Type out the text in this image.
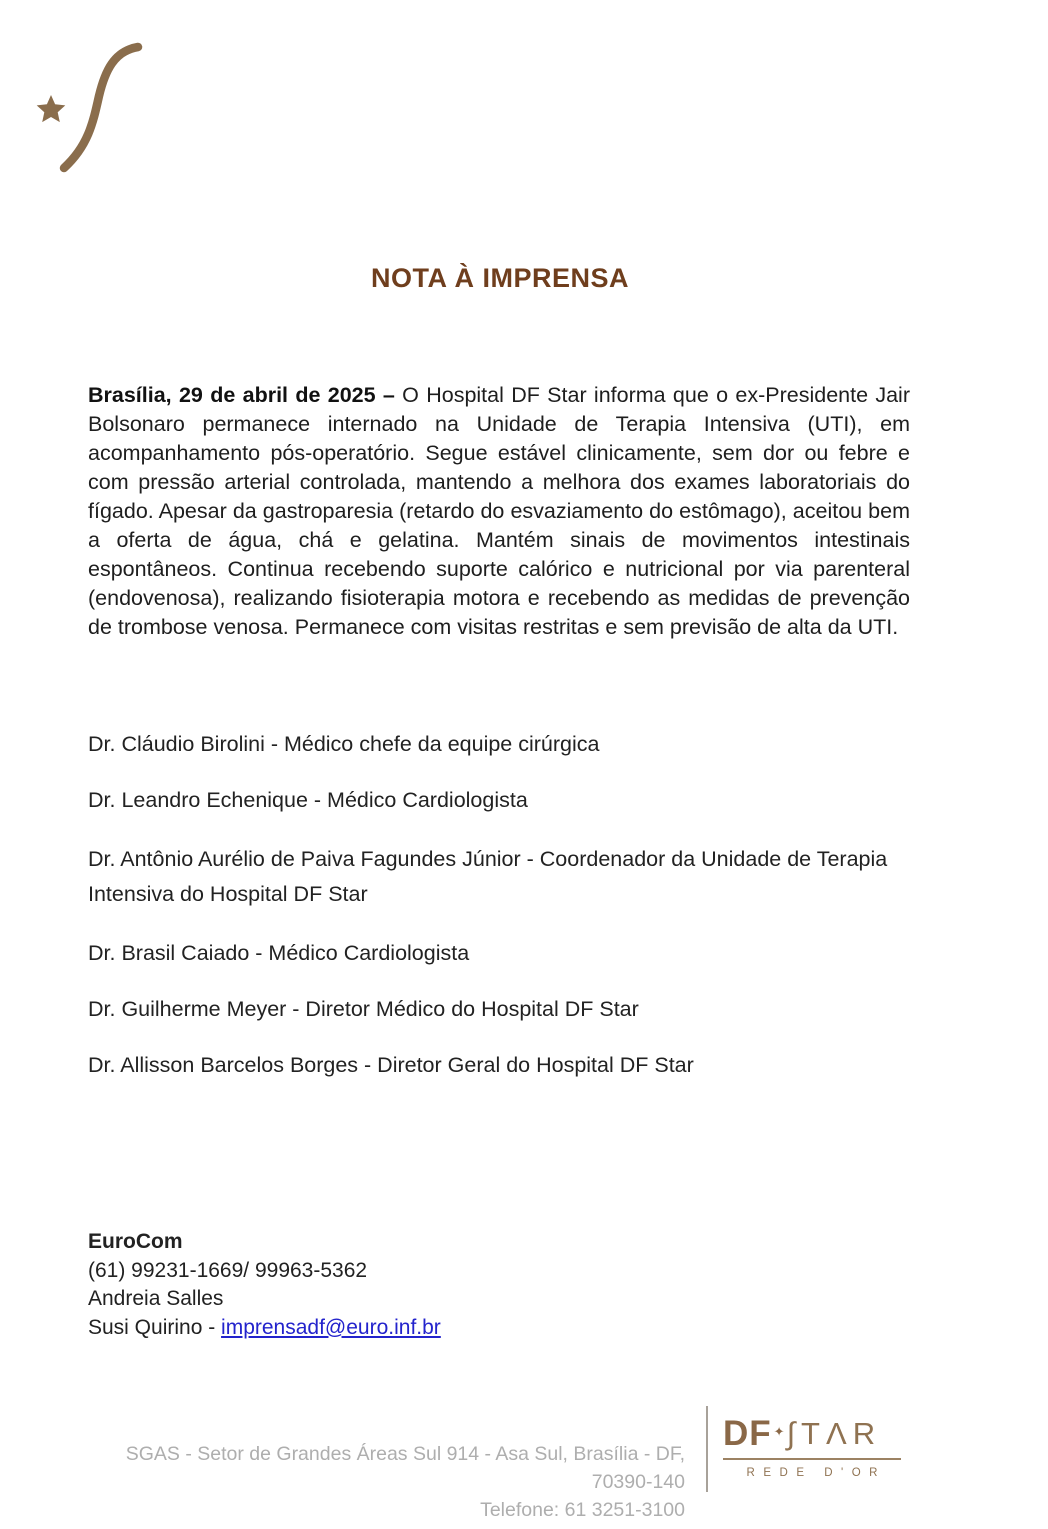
NOTA À IMPRENSA

Brasília, 29 de abril de 2025 – O Hospital DF Star informa que o ex-Presidente Jair Bolsonaro permanece internado na Unidade de Terapia Intensiva (UTI), em acompanhamento pós-operatório. Segue estável clinicamente, sem dor ou febre e com pressão arterial controlada, mantendo a melhora dos exames laboratoriais do fígado. Apesar da gastroparesia (retardo do esvaziamento do estômago), aceitou bem a oferta de água, chá e gelatina. Mantém sinais de movimentos intestinais espontâneos. Continua recebendo suporte calórico e nutricional por via parenteral (endovenosa), realizando fisioterapia motora e recebendo as medidas de prevenção de trombose venosa. Permanece com visitas restritas e sem previsão de alta da UTI.

Dr. Cláudio Birolini - Médico chefe da equipe cirúrgica
Dr. Leandro Echenique - Médico Cardiologista
Dr. Antônio Aurélio de Paiva Fagundes Júnior - Coordenador da Unidade de Terapia Intensiva do Hospital DF Star
Dr. Brasil Caiado - Médico Cardiologista
Dr. Guilherme Meyer - Diretor Médico do Hospital DF Star
Dr. Allisson Barcelos Borges - Diretor Geral do Hospital DF Star
EuroCom
(61) 99231-1669/ 99963-5362
Andreia Salles
Susi Quirino - imprensadf@euro.inf.br
SGAS - Setor de Grandes Áreas Sul 914 - Asa Sul, Brasília - DF, 70390-140
Telefone: 61 3251-3100
DF ✦ ∫TΛR
REDE D'OR
